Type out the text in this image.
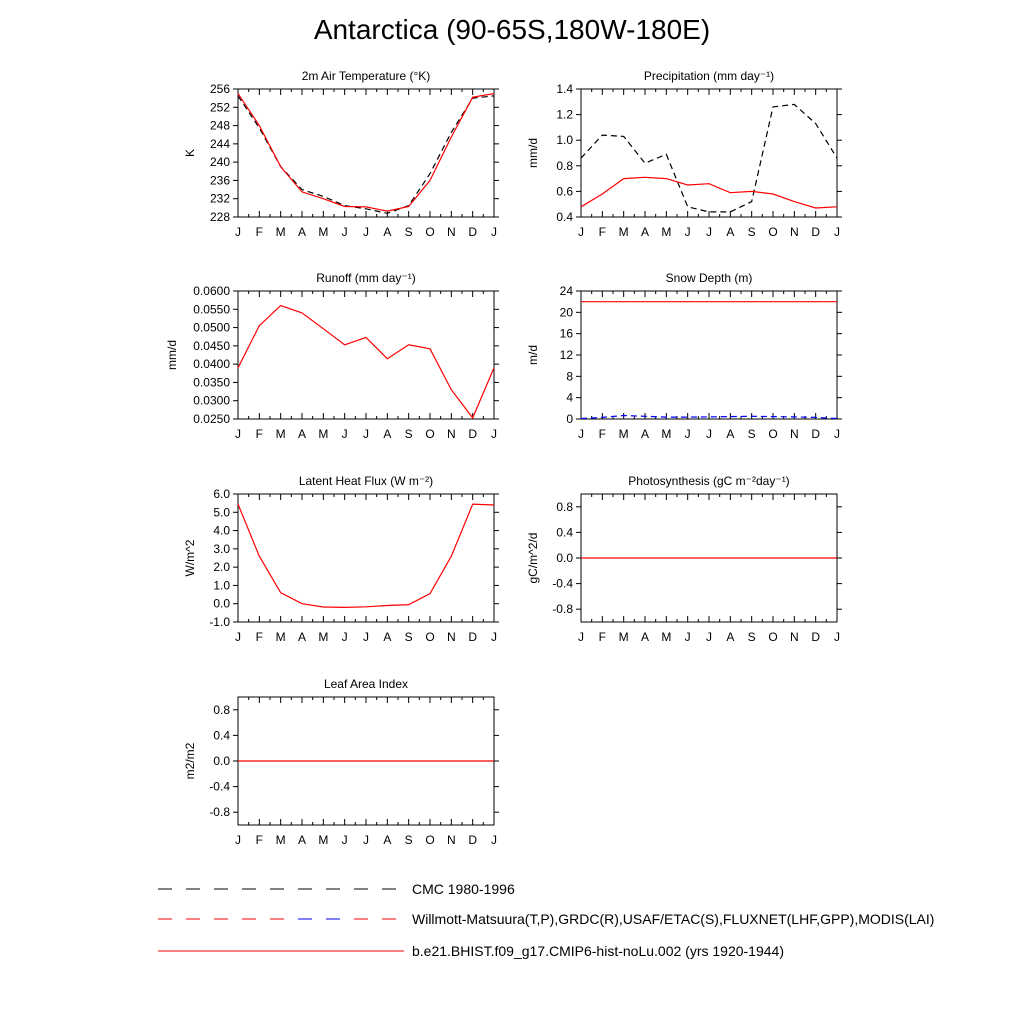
Antarctica (90-65S,180W-180E)
2m Air Temperature (°K)
J F M A M J J A S O N D J
256
252
248
244
240
236
232
228
K
Precipitation (mm day⁻¹)
J F M A M J J A S O N D J
1.4
1.2
1.0
0.8
0.6
0.4
mm/d
Runoff (mm day⁻¹)
J F M A M J J A S O N D J
0.0600
0.0550
0.0500
0.0450
0.0400
0.0350
0.0300
0.0250
mm/d
Snow Depth (m)
J F M A M J J A S O N D J
24
20
16
12
8
4
0
m/d
Latent Heat Flux (W m⁻²)
J F M A M J J A S O N D J
6.0
5.0
4.0
3.0
2.0
1.0
0.0
-1.0
W/m^2
Photosynthesis (gC m⁻²day⁻¹)
J F M A M J J A S O N D J
0.8
0.4
0.0
-0.4
-0.8
gC/m^2/d
Leaf Area Index
J F M A M J J A S O N D J
0.8
0.4
0.0
-0.4
-0.8
m2/m2
CMC 1980-1996
Willmott-Matsuura(T,P),GRDC(R),USAF/ETAC(S),FLUXNET(LHF,GPP),MODIS(LAI)
b.e21.BHIST.f09_g17.CMIP6-hist-noLu.002 (yrs 1920-1944)
